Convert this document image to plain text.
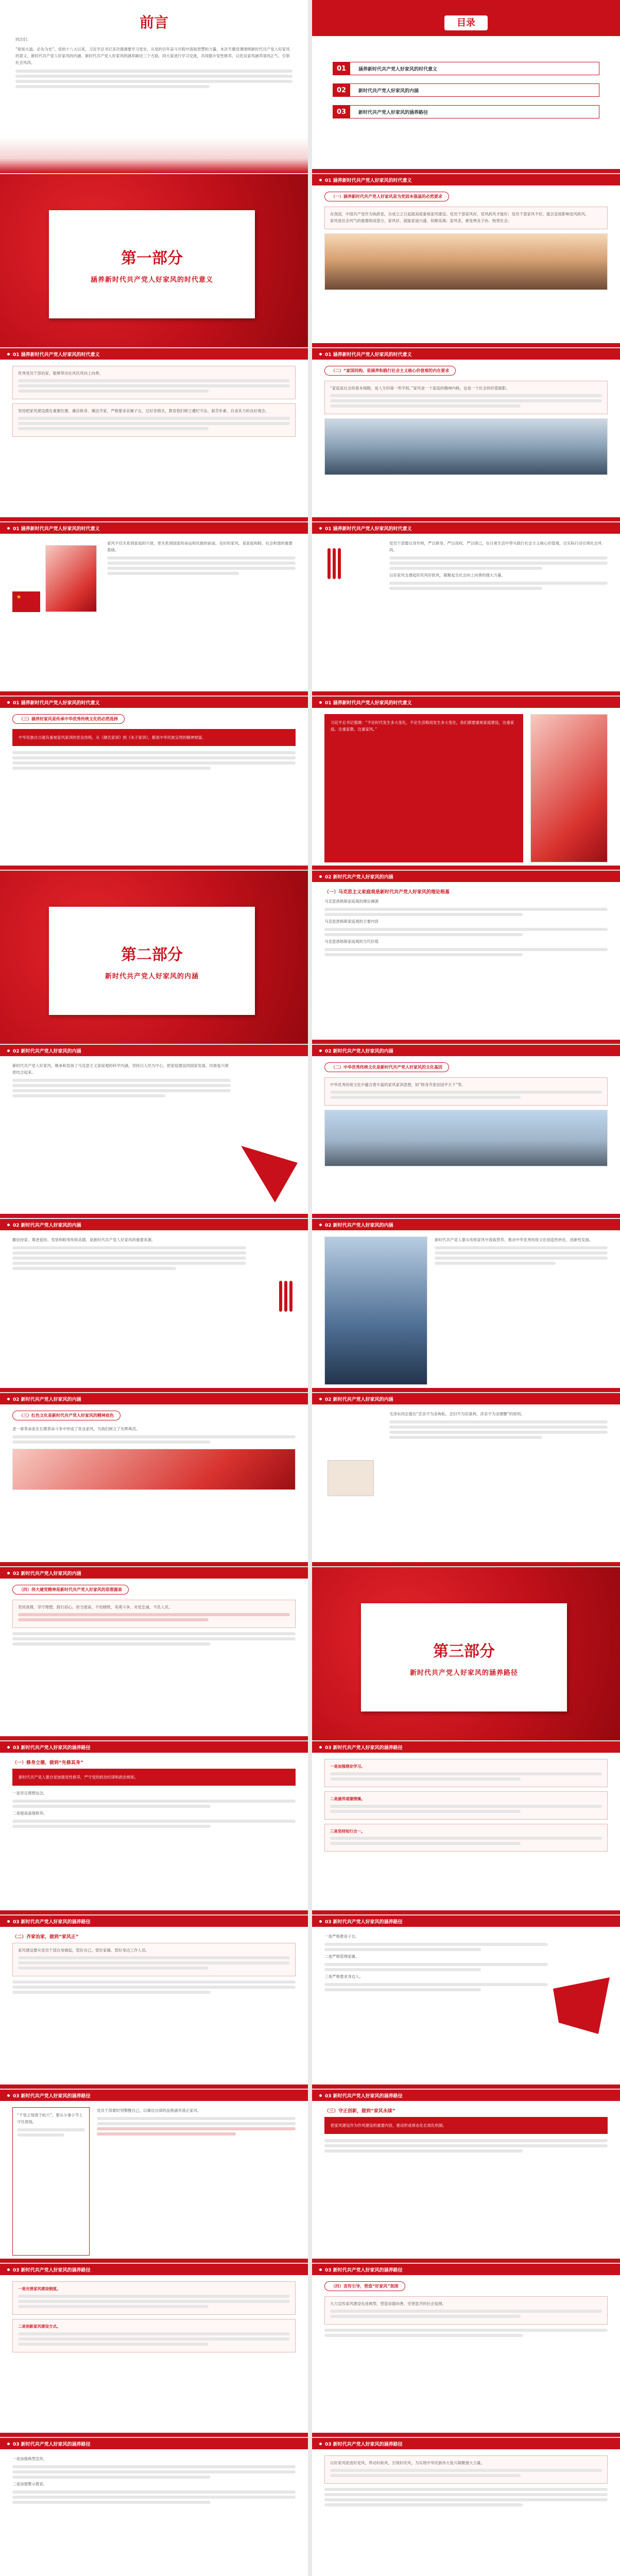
前言
同志们：
“欲知大道，必先为史”。党的十八大以来，习近平总书记多次强调要学习党史，从党的百年奋斗历程中汲取智慧和力量。本次专题党课围绕新时代共产党人好家风的意义、新时代共产党人好家风的内涵、新时代共产党人好家风的涵养路径三个方面，同大家进行学习交流，共同提升党性修养，以优良家风涵养清风正气、引领社会风尚。
目录
01	涵养新时代共产党人好家风的时代意义
02	新时代共产党人好家风的内涵
03	新时代共产党人好家风的涵养路径
第一部分
涵养新时代共产党人好家风的时代意义
01 涵养新时代共产党人好家风的时代意义
（一）涵养新时代共产党人好家风是为党固本强基的必然要求
在我国，中国共产党作为执政党，自成立之日起就高度重视家风建设。党员干部家风好，党风政风才能好；党员干部家风不好，就会直接影响党风政风。
家风是社会风气的重要组成部分，家风好，就能家道兴盛、和顺美满；家风差，难免殃及子孙、贻害社会。
01 涵养新时代共产党人好家风的时代意义
优秀党员干部治家，能够带动社风民风向上向善。
坚持把家风建设摆在重要位置，廉洁修身、廉洁齐家，严格要求亲属子女，过好亲情关，教育他们树立遵纪守法、艰苦朴素、自食其力的良好观念。
01 涵养新时代共产党人好家风的时代意义
（二）“家国同构，是涵养和践行社会主义核心价值观的内在要求
“家庭是社会的基本细胞，是人生的第一所学校。”家风是一个家庭的精神内核，也是一个社会的价值缩影。
01 涵养新时代共产党人好家风的时代意义
家风不仅关系到家庭的兴衰，更关系到国家的命运和民族的前途。良好的家风，是家庭和睦、社会和谐的重要基础。
01 涵养新时代共产党人好家风的时代意义
党员干部要以身作则，严以修身、严以用权、严以律己，在日常生活中带头践行社会主义核心价值观，以实际行动引领社会风尚。
以好家风支撑起好民风好政风，凝聚起全社会向上向善的强大力量。
01 涵养新时代共产党人好家风的时代意义
（三）涵养好家风是传承中华优秀传统文化的必然选择
中华民族自古就有重视家风家训的优良传统，从《颜氏家训》到《朱子家训》，都是中华民族宝贵的精神财富。
01 涵养新时代共产党人好家风的时代意义
习近平总书记强调：“不论时代发生多大变化，不论生活格局发生多大变化，我们都要重视家庭建设，注重家庭、注重家教、注重家风。”
第二部分
新时代共产党人好家风的内涵
02 新时代共产党人好家风的内涵
（一）马克思主义家庭观是新时代共产党人好家风的理论根基
马克思恩格斯家庭观的理论渊源
马克思恩格斯家庭观的主要内容
马克思恩格斯家庭观的当代价值
02 新时代共产党人好家风的内涵
新时代共产党人好家风，继承和发扬了马克思主义家庭观的科学内涵，坚持以人民为中心，把家庭建设同国家发展、民族复兴紧密结合起来。
02 新时代共产党人好家风的内涵
（二）中华优秀传统文化是新时代共产党人好家风的文化基因
中华优秀传统文化中蕴含着丰富的家风家训思想，如“修身齐家治国平天下”等。
02 新时代共产党人好家风的内涵
勤俭持家、尊老爱幼、邻里和睦等传统美德，是新时代共产党人好家风的重要来源。
02 新时代共产党人好家风的内涵
新时代共产党人要从传统家风中汲取营养，推动中华优秀传统文化创造性转化、创新性发展。
02 新时代共产党人好家风的内涵
（三）红色文化是新时代共产党人好家风的精神底色
老一辈革命家在长期革命斗争中形成了优良家风，为我们树立了光辉典范。
02 新时代共产党人好家风的内涵
毛泽东同志提出“恋亲不为亲徇私，念旧不为旧谋利，济亲不为亲撑腰”的原则。
02 新时代共产党人好家风的内涵
（四）伟大建党精神是新时代共产党人好家风的思想源泉
坚持真理、坚守理想，践行初心、担当使命，不怕牺牲、英勇斗争，对党忠诚、不负人民。
第三部分
新时代共产党人好家风的涵养路径
03 新时代共产党人好家风的涵养路径
（一）修身立德，做到“先修其身”
新时代共产党人要自觉加强党性修养，严守党的政治纪律和政治规矩。
一是坚定理想信念。
二是提高道德修养。
03 新时代共产党人好家风的涵养路径
一是加强理论学习。
二是涵养道德情操。
三是坚持知行合一。
03 新时代共产党人好家风的涵养路径
（二）齐家治家，做到“家风正”
家风建设要从党员干部自身做起，管好自己、管好家属、管好身边工作人员。
03 新时代共产党人好家风的涵养路径
一是严格教育子女。
二是严格管理家属。
三是严格要求身边人。
03 新时代共产党人好家风的涵养路径
“千里之堤溃于蚁穴”，要从小事小节上守住底线。
党员干部要时刻警醒自己，以廉洁自律的品格涵养清正家风。
03 新时代共产党人好家风的涵养路径
（三）守正创新，做到“家风永续”
把家风建设作为作风建设的重要内容，推动形成常态化长效化机制。
03 新时代共产党人好家风的涵养路径
一是完善家风建设制度。
二是创新家风建设方式。
03 新时代共产党人好家风的涵养路径
（四）宣传引导，营造“好家风”氛围
大力宣传家风建设先进典型，营造崇德向善、见贤思齐的社会氛围。
03 新时代共产党人好家风的涵养路径
一是加强典型宣传。
二是加强警示教育。
03 新时代共产党人好家风的涵养路径
以好家风促进好党风、带动好政风、引领好民风，为实现中华民族伟大复兴凝聚强大力量。
